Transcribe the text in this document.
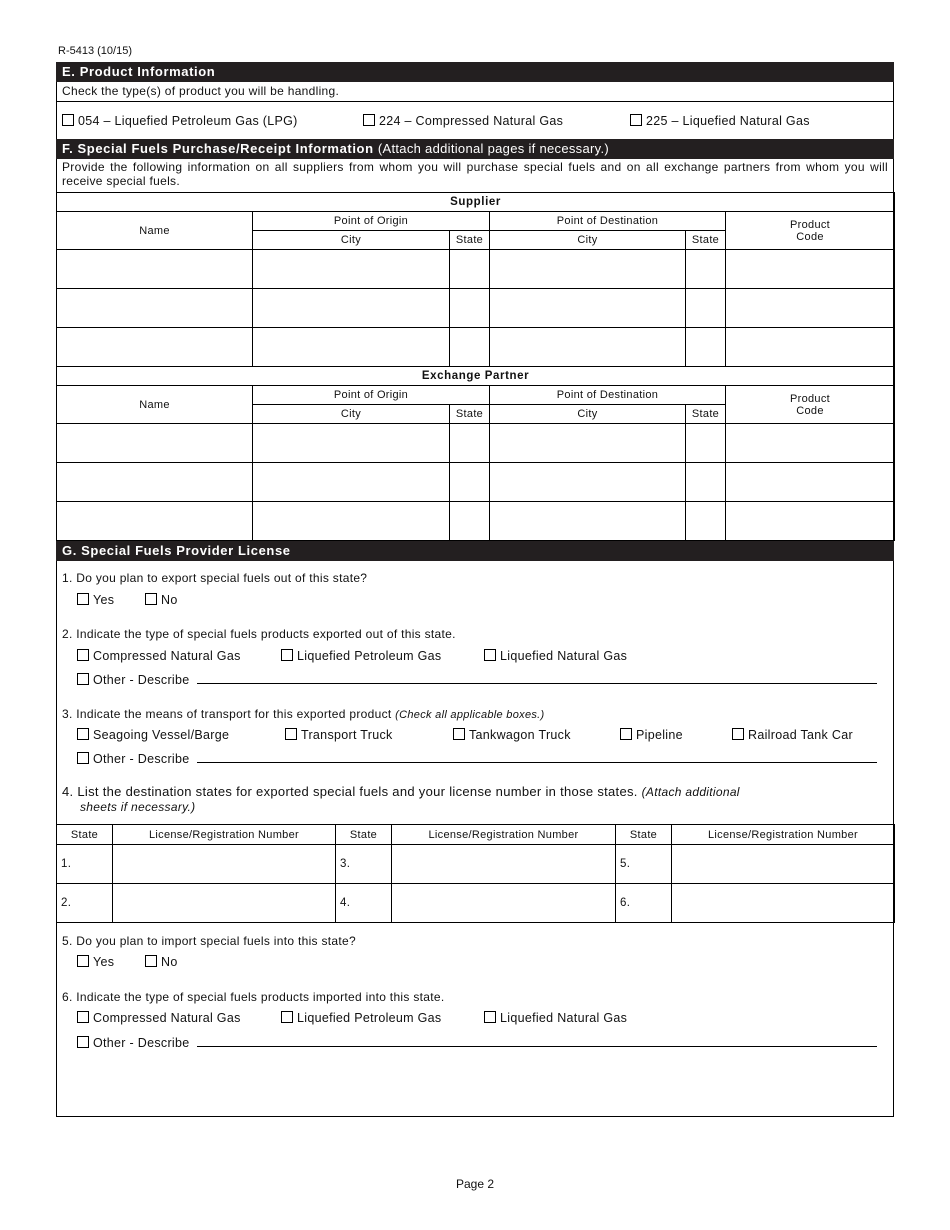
R-5413 (10/15)
E. Product Information
Check the type(s) of product you will be handling.
054 – Liquefied Petroleum Gas (LPG)	224 – Compressed Natural Gas	225 – Liquefied Natural Gas
F. Special Fuels Purchase/Receipt Information (Attach additional pages if necessary.)
Provide the following information on all suppliers from whom you will purchase special fuels and on all exchange partners from whom you will receive special fuels.
Supplier					
Name	Point of Origin		Point of Destination		Product
Code
	City	State	City	State	

Exchange Partner					
Name	Point of Origin		Point of Destination		Product
Code
	City	State	City	State	

G. Special Fuels Provider License
1. Do you plan to export special fuels out of this state?
Yes	No
2. Indicate the type of special fuels products exported out of this state.
Compressed Natural Gas	Liquefied Petroleum Gas	Liquefied Natural Gas
Other - Describe
3. Indicate the means of transport for this exported product (Check all applicable boxes.)
Seagoing Vessel/Barge	Transport Truck	Tankwagon Truck	Pipeline	Railroad Tank Car
Other - Describe
4. List the destination states for exported special fuels and your license number in those states. (Attach additional
sheets if necessary.)
State	License/Registration Number	State	License/Registration Number	State	License/Registration Number
1.		3.		5.	
2.		4.		6.	
5. Do you plan to import special fuels into this state?
Yes	No
6. Indicate the type of special fuels products imported into this state.
Compressed Natural Gas	Liquefied Petroleum Gas	Liquefied Natural Gas
Other - Describe
Page 2
